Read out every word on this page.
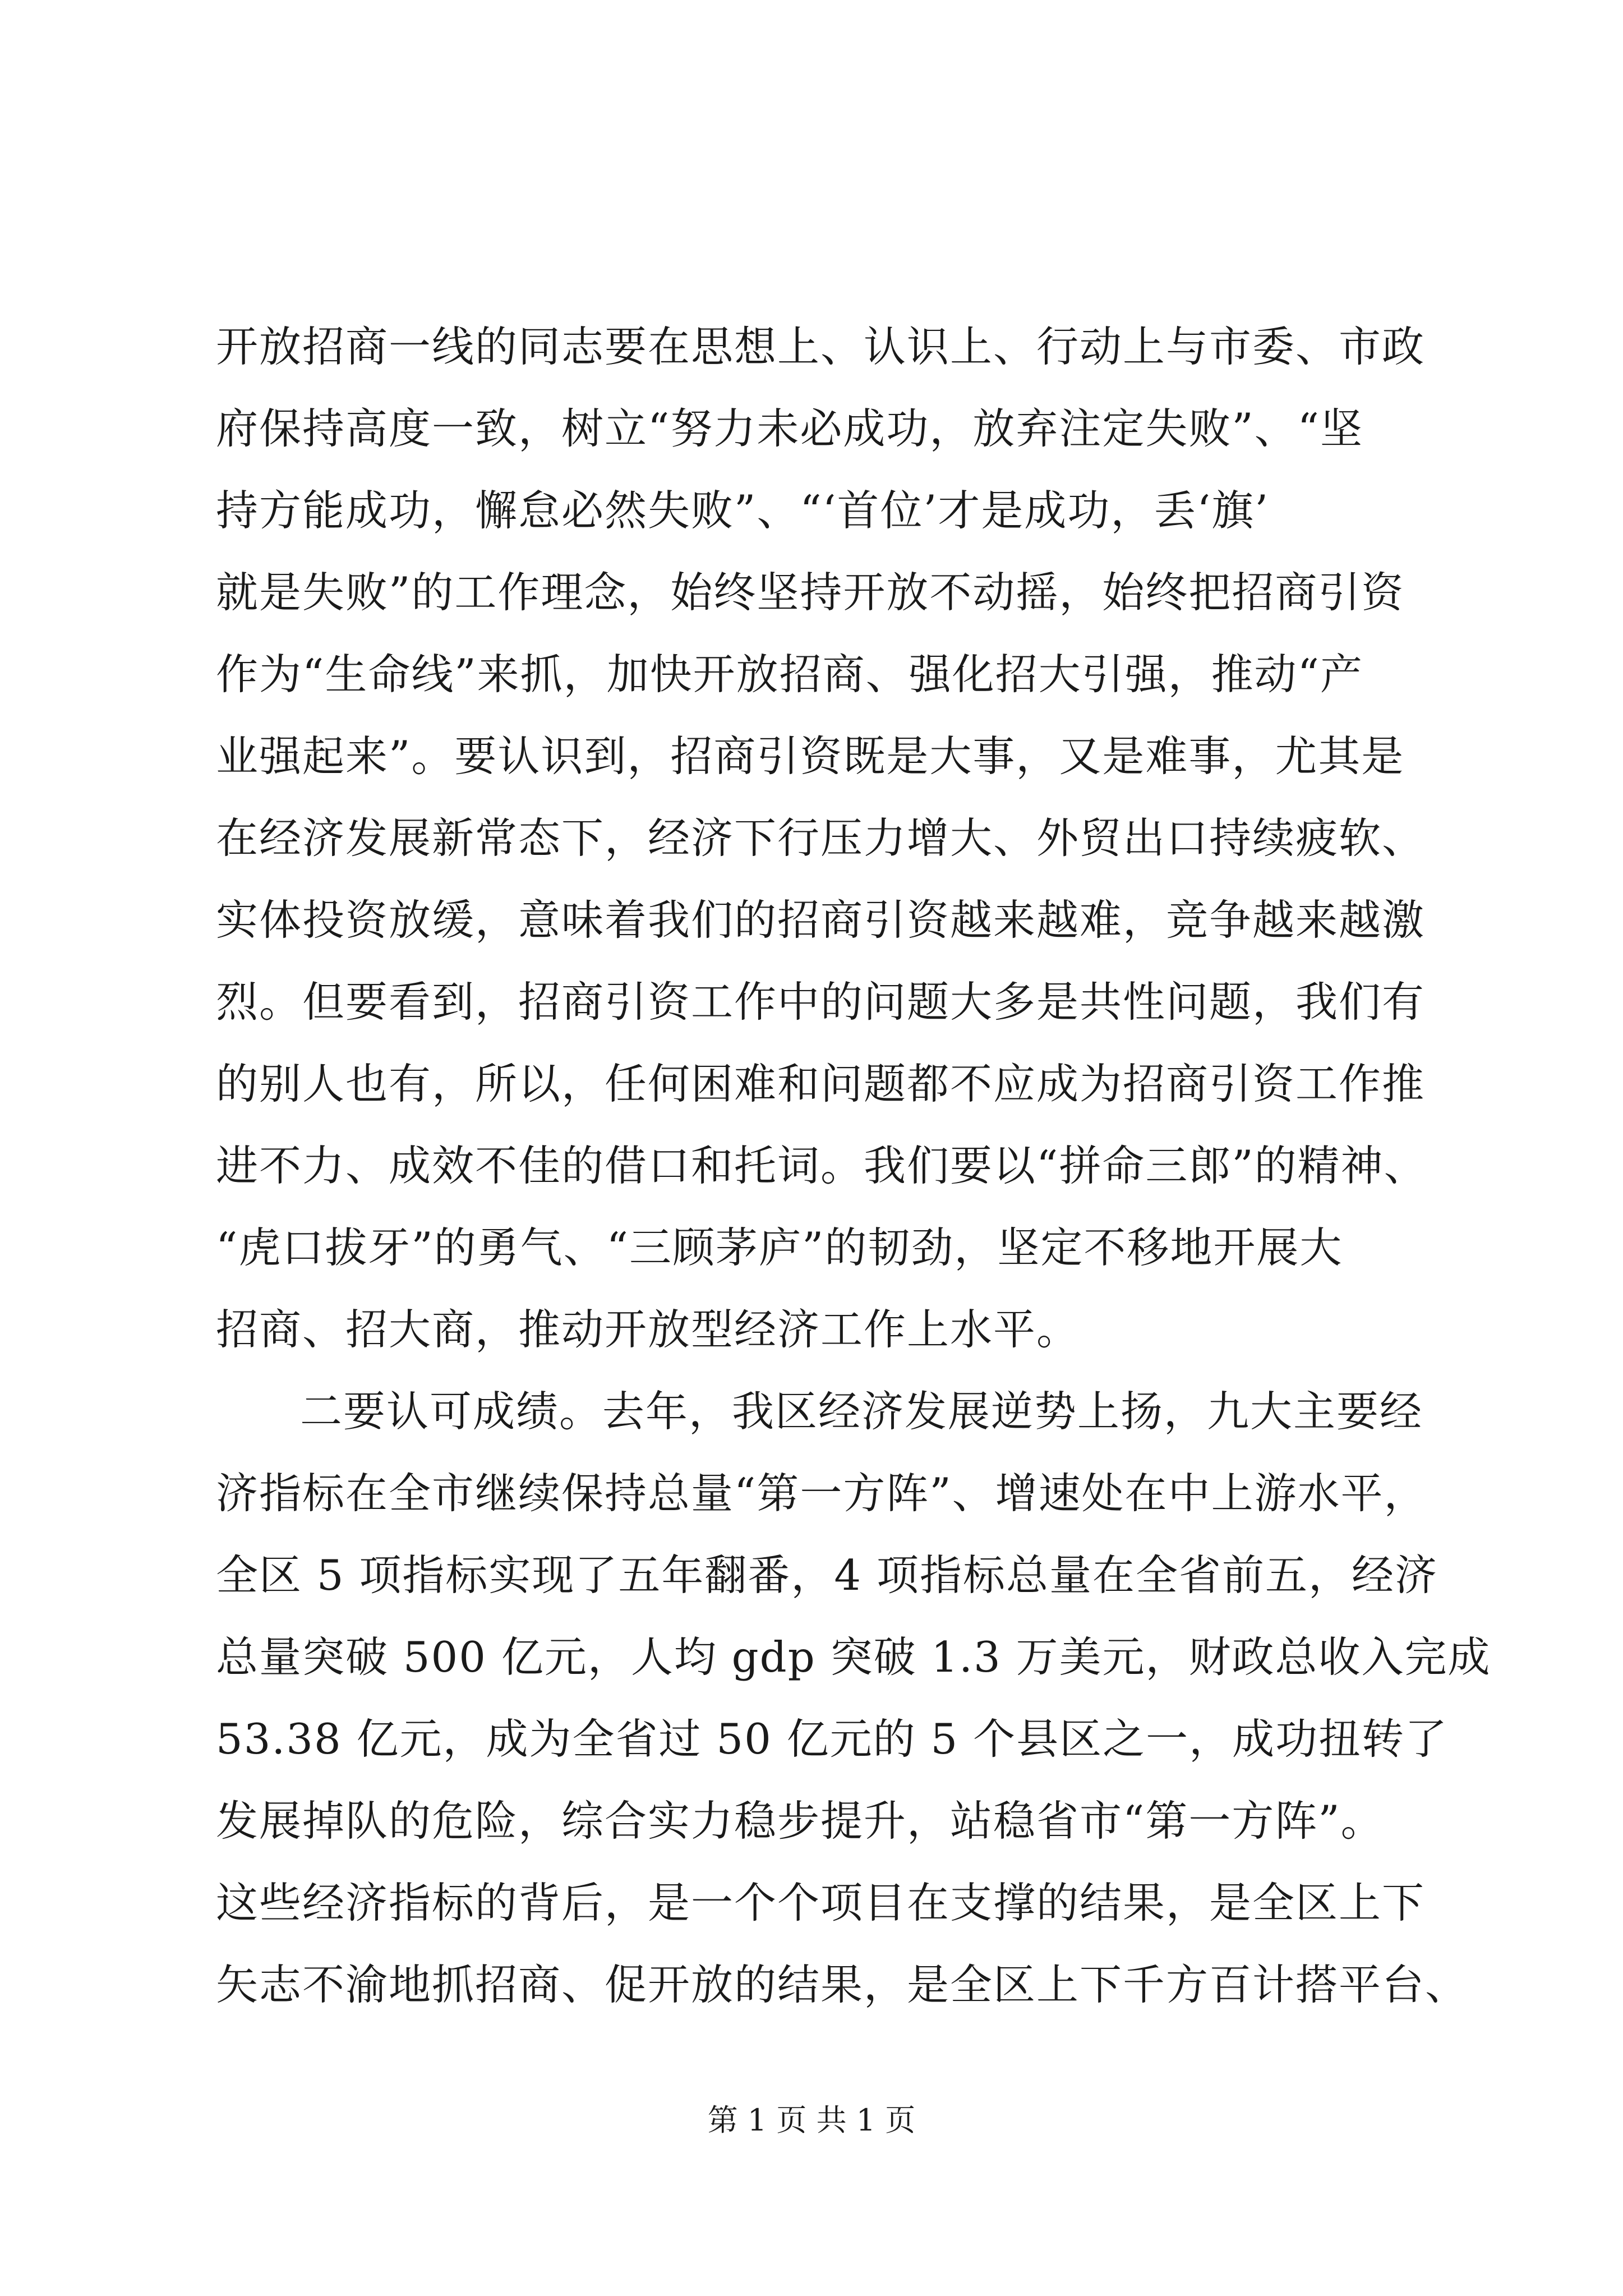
开放招商一线的同志要在思想上、认识上、行动上与市委、市政
府保持高度一致，树立“努力未必成功，放弃注定失败”、“坚
持方能成功，懈怠必然失败”、“‘首位’才是成功，丢‘旗’
就是失败”的工作理念，始终坚持开放不动摇，始终把招商引资
作为“生命线”来抓，加快开放招商、强化招大引强，推动“产
业强起来”。要认识到，招商引资既是大事，又是难事，尤其是
在经济发展新常态下，经济下行压力增大、外贸出口持续疲软、
实体投资放缓，意味着我们的招商引资越来越难，竞争越来越激
烈。但要看到，招商引资工作中的问题大多是共性问题，我们有
的别人也有，所以，任何困难和问题都不应成为招商引资工作推
进不力、成效不佳的借口和托词。我们要以“拼命三郎”的精神、
“虎口拔牙”的勇气、“三顾茅庐”的韧劲，坚定不移地开展大
招商、招大商，推动开放型经济工作上水平。
二要认可成绩。去年，我区经济发展逆势上扬，九大主要经
济指标在全市继续保持总量“第一方阵”、增速处在中上游水平，
全区 5 项指标实现了五年翻番，4 项指标总量在全省前五，经济
总量突破 500 亿元，人均 gdp 突破 1.3 万美元，财政总收入完成
53.38 亿元，成为全省过 50 亿元的 5 个县区之一，成功扭转了
发展掉队的危险，综合实力稳步提升，站稳省市“第一方阵”。
这些经济指标的背后，是一个个项目在支撑的结果，是全区上下
矢志不渝地抓招商、促开放的结果，是全区上下千方百计搭平台、
第 1 页 共 1 页
